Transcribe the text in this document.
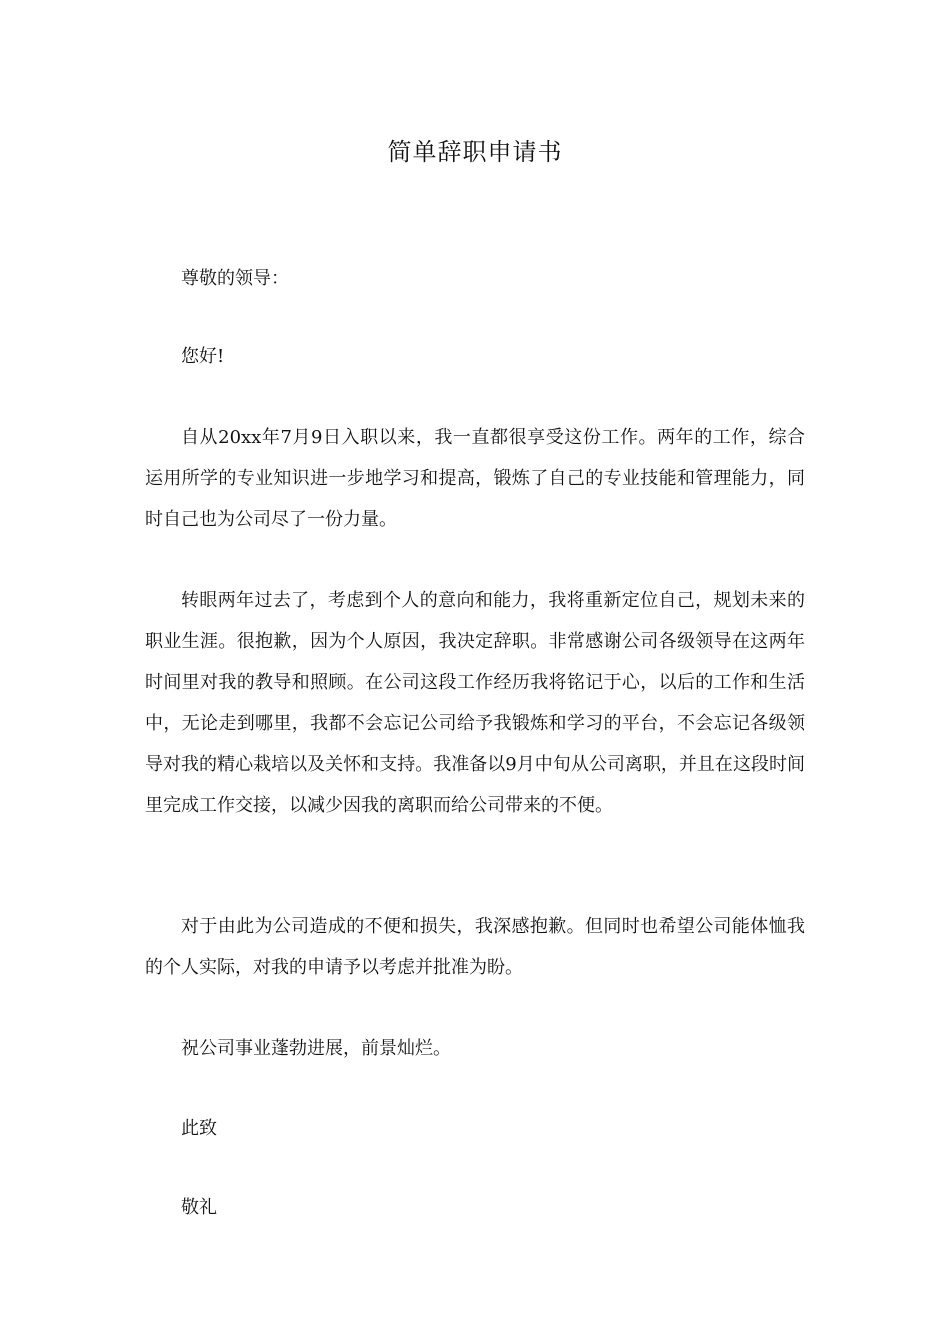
简单辞职申请书

尊敬的领导：

您好!

自从20xx年7月9日入职以来，我一直都很享受这份工作。两年的工作，综合运用所学的专业知识进一步地学习和提高，锻炼了自己的专业技能和管理能力，同时自己也为公司尽了一份力量。

转眼两年过去了，考虑到个人的意向和能力，我将重新定位自己，规划未来的职业生涯。很抱歉，因为个人原因，我决定辞职。非常感谢公司各级领导在这两年时间里对我的教导和照顾。在公司这段工作经历我将铭记于心，以后的工作和生活中，无论走到哪里，我都不会忘记公司给予我锻炼和学习的平台，不会忘记各级领导对我的精心栽培以及关怀和支持。我准备以9月中旬从公司离职，并且在这段时间里完成工作交接，以减少因我的离职而给公司带来的不便。

对于由此为公司造成的不便和损失，我深感抱歉。但同时也希望公司能体恤我的个人实际，对我的申请予以考虑并批准为盼。

祝公司事业蓬勃进展，前景灿烂。

此致

敬礼
